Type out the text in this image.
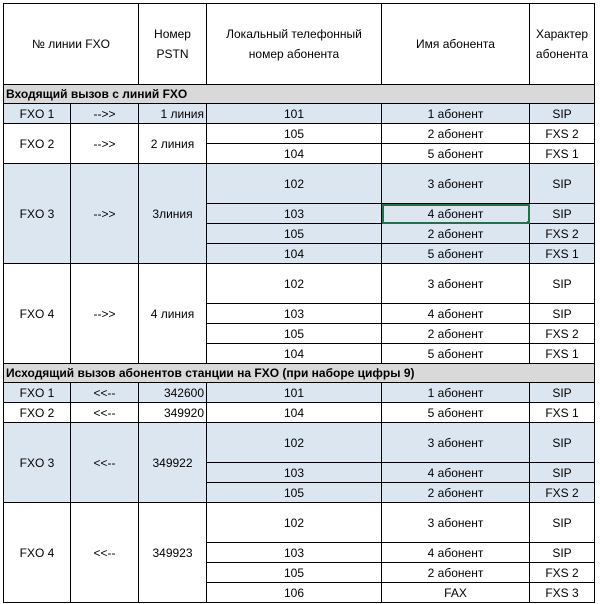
№ линии FXO		Номер PSTN	Локальный телефонный номер абонента	Имя абонента	Характер абонента
Входящий вызов с линий FXO					
FXO 1	-->>	1 линия	101	1 абонент	SIP
FXO 2	-->>	2 линия	105	2 абонент	FXS 2
			104	5 абонент	FXS 1
FXO 3	-->>	3линия	102	3 абонент	SIP
			103	4 абонент	SIP
			105	2 абонент	FXS 2
			104	5 абонент	FXS 1
FXO 4	-->>	4 линия	102	3 абонент	SIP
			103	4 абонент	SIP
			105	2 абонент	FXS 2
			104	5 абонент	FXS 1
Исходящий вызов абонентов станции на FXO (при наборе цифры 9)					
FXO 1	<<--	342600	101	1 абонент	SIP
FXO 2	<<--	349920	104	5 абонент	FXS 1
FXO 3	<<--	349922	102	3 абонент	SIP
			103	4 абонент	SIP
			105	2 абонент	FXS 2
FXO 4	<<--	349923	102	3 абонент	SIP
			103	4 абонент	SIP
			105	2 абонент	FXS 2
			106	FAX	FXS 3
